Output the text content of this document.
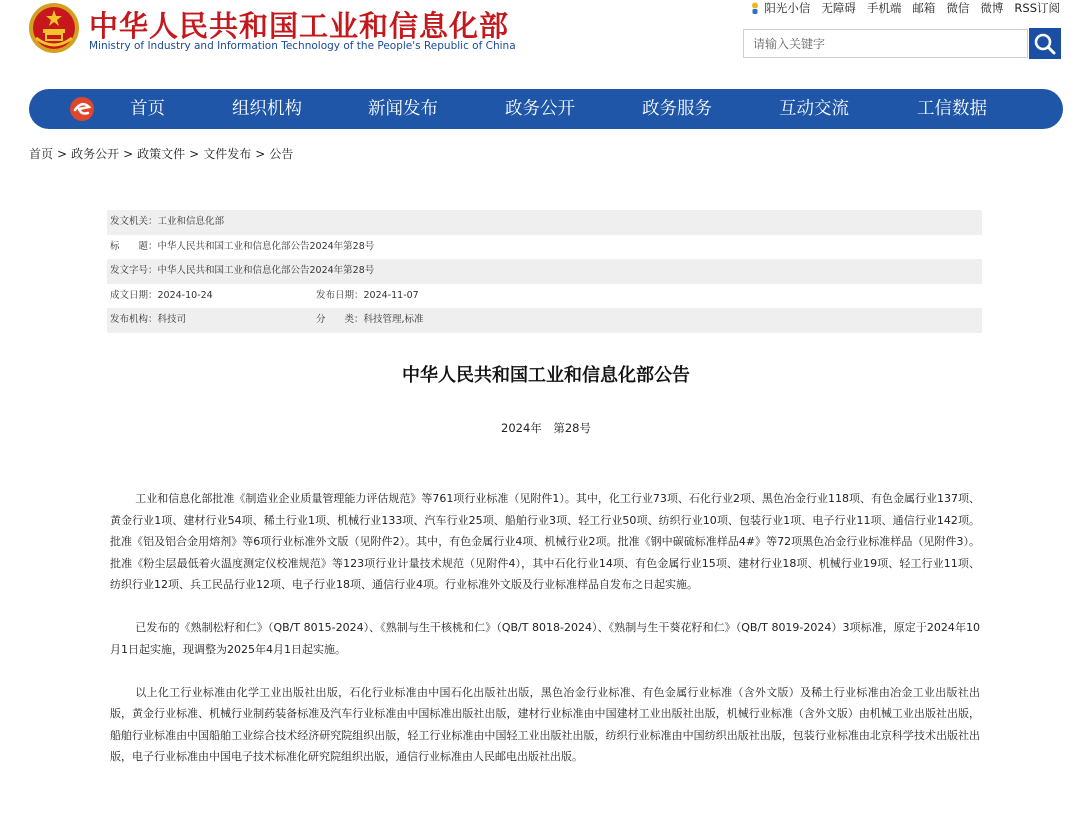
中华人民共和国工业和信息化部
Ministry of Industry and Information Technology of the People's Republic of China
阳光小信 无障碍 手机端 邮箱 微信 微博 RSS订阅
请输入关键字
首页	组织机构	新闻发布	政务公开	政务服务	互动交流	工信数据
首页 > 政务公开 > 政策文件 > 文件发布 > 公告
发文机关：工业和信息化部
标　　题：中华人民共和国工业和信息化部公告2024年第28号
发文字号：中华人民共和国工业和信息化部公告2024年第28号
成文日期：2024-10-24	发布日期：2024-11-07
发布机构：科技司	分　　类：科技管理,标准
中华人民共和国工业和信息化部公告
2024年　第28号

工业和信息化部批准《制造业企业质量管理能力评估规范》等761项行业标准（见附件1）。其中，化工行业73项、石化行业2项、黑色冶金行业118项、有色金属行业137项、黄金行业1项、建材行业54项、稀土行业1项、机械行业133项、汽车行业25项、船舶行业3项、轻工行业50项、纺织行业10项、包装行业1项、电子行业11项、通信行业142项。批准《铝及铝合金用熔剂》等6项行业标准外文版（见附件2）。其中，有色金属行业4项、机械行业2项。批准《钢中碳硫标准样品4#》等72项黑色冶金行业标准样品（见附件3）。批准《粉尘层最低着火温度测定仪校准规范》等123项行业计量技术规范（见附件4），其中石化行业14项、有色金属行业15项、建材行业18项、机械行业19项、轻工行业11项、纺织行业12项、兵工民品行业12项、电子行业18项、通信行业4项。行业标准外文版及行业标准样品自发布之日起实施。

已发布的《熟制松籽和仁》（QB/T 8015-2024）、《熟制与生干核桃和仁》（QB/T 8018-2024）、《熟制与生干葵花籽和仁》（QB/T 8019-2024）3项标准，原定于2024年10月1日起实施，现调整为2025年4月1日起实施。

以上化工行业标准由化学工业出版社出版，石化行业标准由中国石化出版社出版，黑色冶金行业标准、有色金属行业标准（含外文版）及稀土行业标准由冶金工业出版社出版，黄金行业标准、机械行业制药装备标准及汽车行业标准由中国标准出版社出版，建材行业标准由中国建材工业出版社出版，机械行业标准（含外文版）由机械工业出版社出版，船舶行业标准由中国船舶工业综合技术经济研究院组织出版，轻工行业标准由中国轻工业出版社出版，纺织行业标准由中国纺织出版社出版，包装行业标准由北京科学技术出版社出版，电子行业标准由中国电子技术标准化研究院组织出版，通信行业标准由人民邮电出版社出版。
